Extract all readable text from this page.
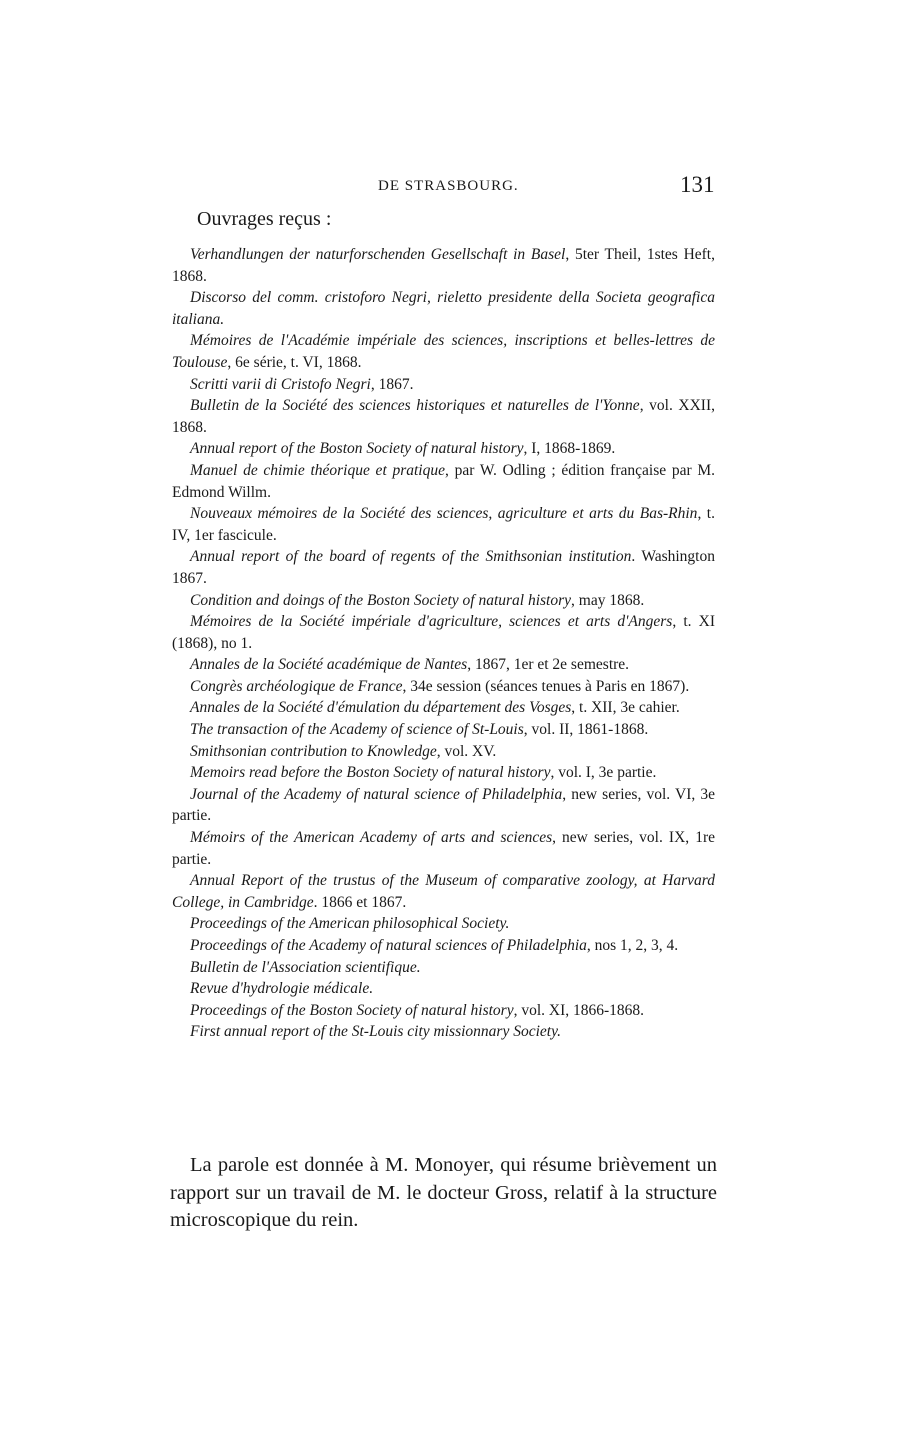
DE STRASBOURG.	131
Ouvrages reçus :

Verhandlungen der naturforschenden Gesellschaft in Basel, 5ter Theil, 1stes Heft, 1868.

Discorso del comm. cristoforo Negri, rieletto presidente della Societa geografica italiana.

Mémoires de l'Académie impériale des sciences, inscriptions et belles-lettres de Toulouse, 6e série, t. VI, 1868.

Scritti varii di Cristofo Negri, 1867.

Bulletin de la Société des sciences historiques et naturelles de l'Yonne, vol. XXII, 1868.

Annual report of the Boston Society of natural history, I, 1868-1869.

Manuel de chimie théorique et pratique, par W. Odling ; édition française par M. Edmond Willm.

Nouveaux mémoires de la Société des sciences, agriculture et arts du Bas-Rhin, t. IV, 1er fascicule.

Annual report of the board of regents of the Smithsonian institution. Washington 1867.

Condition and doings of the Boston Society of natural history, may 1868.

Mémoires de la Société impériale d'agriculture, sciences et arts d'Angers, t. XI (1868), no 1.

Annales de la Société académique de Nantes, 1867, 1er et 2e semestre.

Congrès archéologique de France, 34e session (séances tenues à Paris en 1867).

Annales de la Société d'émulation du département des Vosges, t. XII, 3e cahier.

The transaction of the Academy of science of St-Louis, vol. II, 1861-1868.

Smithsonian contribution to Knowledge, vol. XV.

Memoirs read before the Boston Society of natural history, vol. I, 3e partie.

Journal of the Academy of natural science of Philadelphia, new series, vol. VI, 3e partie.

Mémoirs of the American Academy of arts and sciences, new series, vol. IX, 1re partie.

Annual Report of the trustus of the Museum of comparative zoology, at Harvard College, in Cambridge. 1866 et 1867.

Proceedings of the American philosophical Society.

Proceedings of the Academy of natural sciences of Philadelphia, nos 1, 2, 3, 4.

Bulletin de l'Association scientifique.

Revue d'hydrologie médicale.

Proceedings of the Boston Society of natural history, vol. XI, 1866-1868.

First annual report of the St-Louis city missionnary Society.

La parole est donnée à M. Monoyer, qui résume brièvement un rapport sur un travail de M. le docteur Gross, relatif à la structure microscopique du rein.
